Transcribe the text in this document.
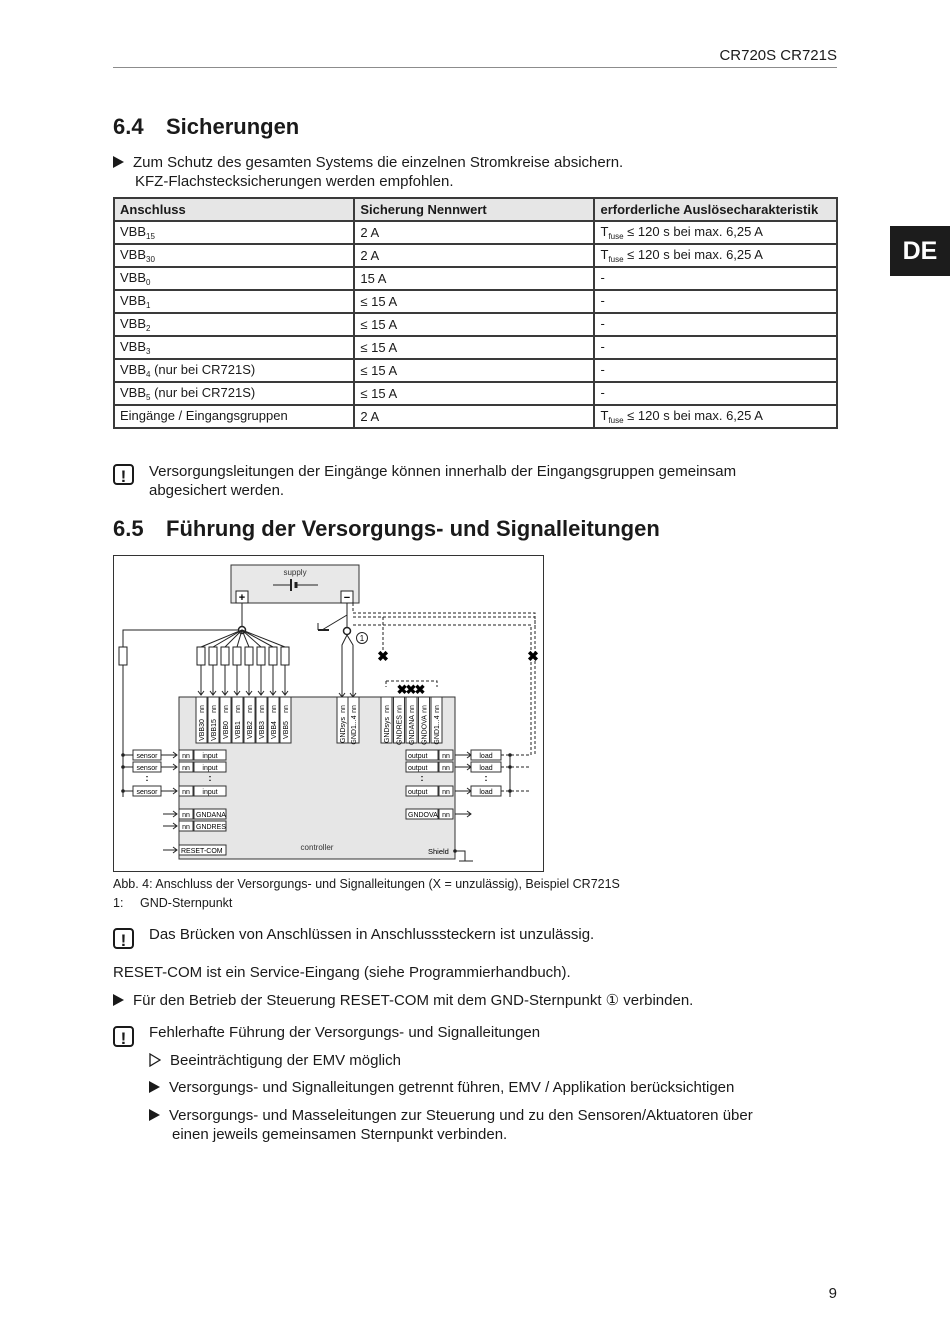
CR720S CR721S
DE
6.4 Sicherungen
Zum Schutz des gesamten Systems die einzelnen Stromkreise absichern.
KFZ-Flachstecksicherungen werden empfohlen.
Anschluss	Sicherung Nennwert	erforderliche Auslösecharakteristik
$VBB_{15}$	2 A	$T_{fuse} \le 120$ s bei max. 6,25 A
$VBB_{30}$	2 A	$T_{fuse} \le 120$ s bei max. 6,25 A
$VBB_0$	15 A	-
$VBB_1$	≤ 15 A	-
$VBB_2$	≤ 15 A	-
$VBB_3$	≤ 15 A	-
$VBB_4$ (nur bei CR721S)	≤ 15 A	-
$VBB_5$ (nur bei CR721S)	≤ 15 A	-
Eingänge / Eingangsgruppen	2 A	$T_{fuse} \le 120$ s bei max. 6,25 A
!	Versorgungsleitungen der Eingänge können innerhalb der Eingangsgruppen gemeinsam
abgesichert werden.
6.5 Führung der Versorgungs- und Signalleitungen
supply
+	−
1
✖	✖
✖✖✖
controller
nn
VBB30
nn
VBB15
nn
VBB0
nn
VBB1
nn
VBB2
nn
VBB3
nn
VBB4
nn
VBB5
nn
GNDsys
nn
GND1...4
nn
GNDsys
nn
GNDRES
nn
GNDANA
nn
GNDOVA
nn
GND1...4
sensor	nn input
sensor	nn input
sensor	nn input
:	:	:
output nn	load
output nn	load
output nn	load
:
nn GNDANA
nn GNDRES
RESET-COM
GNDOVA nn
Shield
Abb. 4: Anschluss der Versorgungs- und Signalleitungen (X = unzulässig), Beispiel CR721S
1: GND-Sternpunkt
!	Das Brücken von Anschlüssen in Anschlusssteckern ist unzulässig.
RESET-COM ist ein Service-Eingang (siehe Programmierhandbuch).
Für den Betrieb der Steuerung RESET-COM mit dem GND-Sternpunkt ① verbinden.
!	Fehlerhafte Führung der Versorgungs- und Signalleitungen
Beeinträchtigung der EMV möglich
Versorgungs- und Signalleitungen getrennt führen, EMV / Applikation berücksichtigen
Versorgungs- und Masseleitungen zur Steuerung und zu den Sensoren/Aktuatoren über
einen jeweils gemeinsamen Sternpunkt verbinden.
9
